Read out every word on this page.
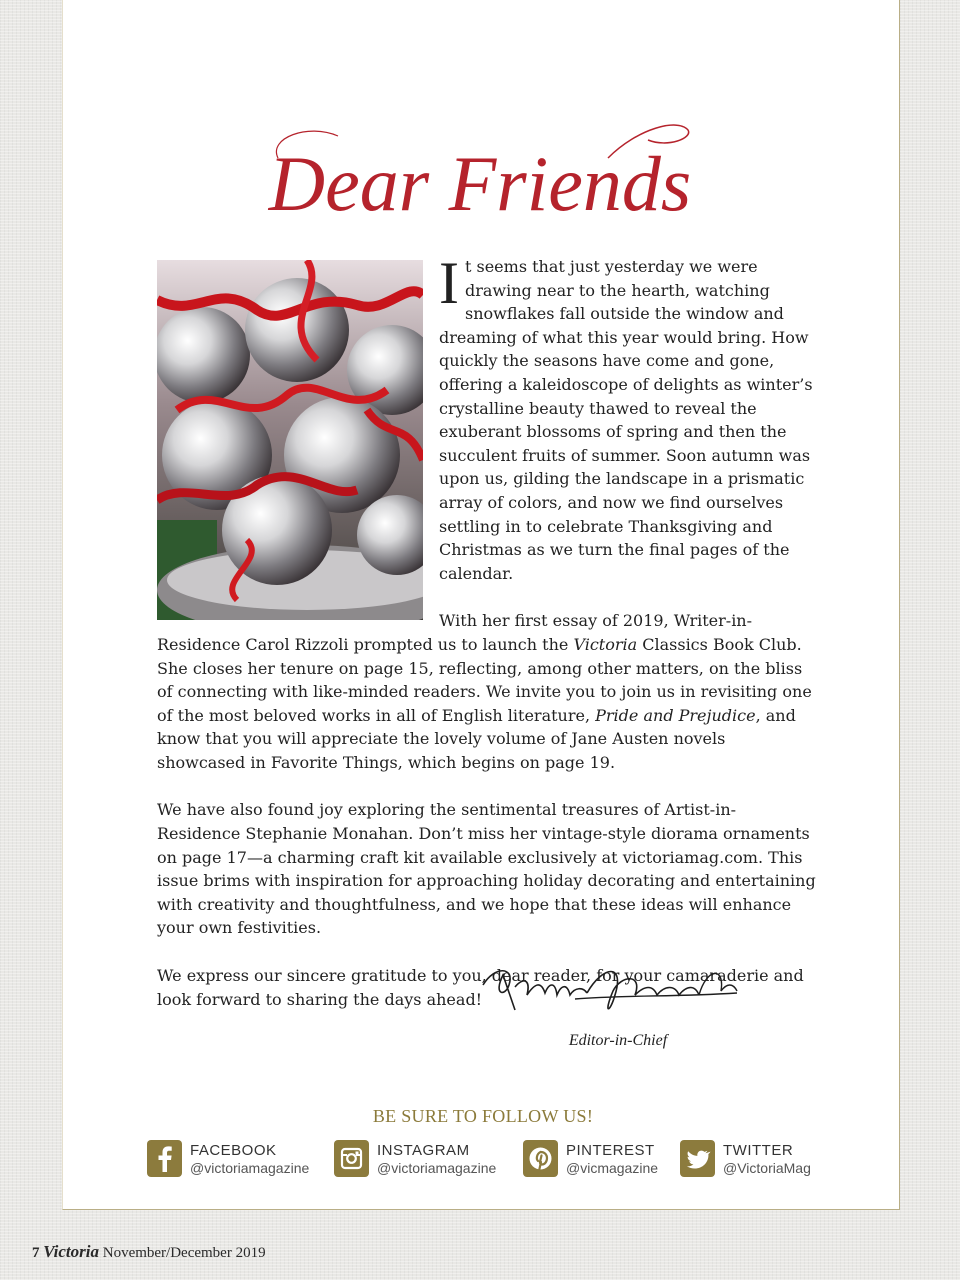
Dear Friends

It seems that just yesterday we were drawing near to the hearth, watching snowflakes fall outside the window and dreaming of what this year would bring. How quickly the seasons have come and gone, offering a kaleidoscope of delights as winter’s crystalline beauty thawed to reveal the exuberant blossoms of spring and then the succulent fruits of summer. Soon autumn was upon us, gilding the landscape in a prismatic array of colors, and now we find ourselves settling in to celebrate Thanksgiving and Christmas as we turn the final pages of the calendar.

With her first essay of 2019, Writer-in-Residence Carol Rizzoli prompted us to launch the Victoria Classics Book Club. She closes her tenure on page 15, reflecting, among other matters, on the bliss of connecting with like-minded readers. We invite you to join us in revisiting one of the most beloved works in all of English literature, Pride and Prejudice, and know that you will appreciate the lovely volume of Jane Austen novels showcased in Favorite Things, which begins on page 19.

We have also found joy exploring the sentimental treasures of Artist-in-Residence Stephanie Monahan. Don’t miss her vintage-style diorama ornaments on page 17—a charming craft kit available exclusively at victoriamag.com. This issue brims with inspiration for approaching holiday decorating and entertaining with creativity and thoughtfulness, and we hope that these ideas will enhance your own festivities.

We express our sincere gratitude to you, dear reader, for your camaraderie and look forward to sharing the days ahead!

Editor-in-Chief
BE SURE TO FOLLOW US!
FACEBOOK
@victoriamagazine
INSTAGRAM
@victoriamagazine
PINTEREST
@vicmagazine
TWITTER
@VictoriaMag
7 Victoria November/December 2019
